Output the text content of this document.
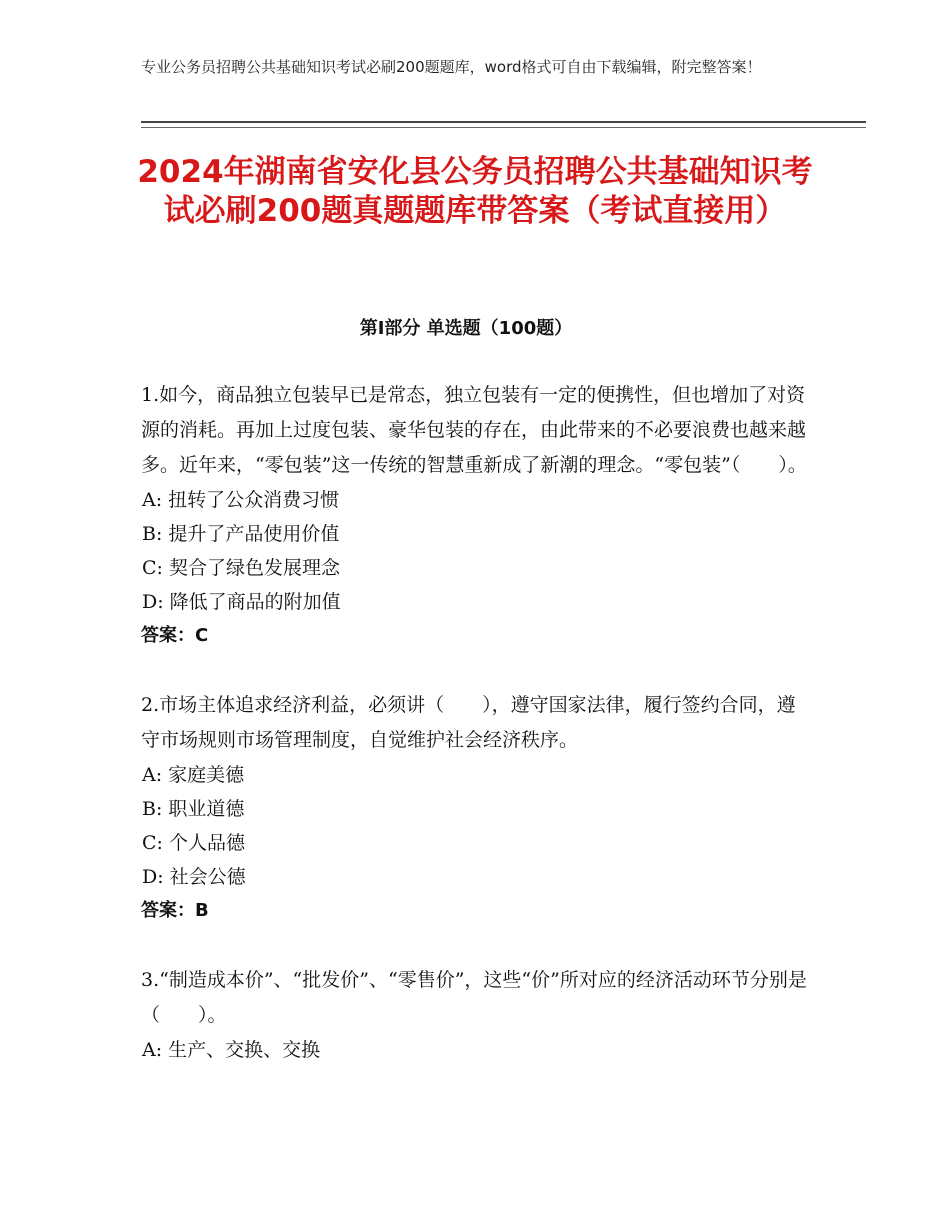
专业公务员招聘公共基础知识考试必刷200题题库，word格式可自由下载编辑，附完整答案！
2024年湖南省安化县公务员招聘公共基础知识考试必刷200题真题题库带答案（考试直接用）
第Ⅰ部分 单选题（100题）

1.如今，商品独立包装早已是常态，独立包装有一定的便携性，但也增加了对资源的消耗。再加上过度包装、豪华包装的存在，由此带来的不必要浪费也越来越多。近年来，“零包装”这一传统的智慧重新成了新潮的理念。“零包装”（　　）。

A: 扭转了公众消费习惯

B: 提升了产品使用价值

C: 契合了绿色发展理念

D: 降低了商品的附加值

答案：C

2.市场主体追求经济利益，必须讲（　　），遵守国家法律，履行签约合同，遵守市场规则市场管理制度，自觉维护社会经济秩序。

A: 家庭美德

B: 职业道德

C: 个人品德

D: 社会公德

答案：B

3.“制造成本价”、“批发价”、“零售价”，这些“价”所对应的经济活动环节分别是（　　）。

A: 生产、交换、交换
